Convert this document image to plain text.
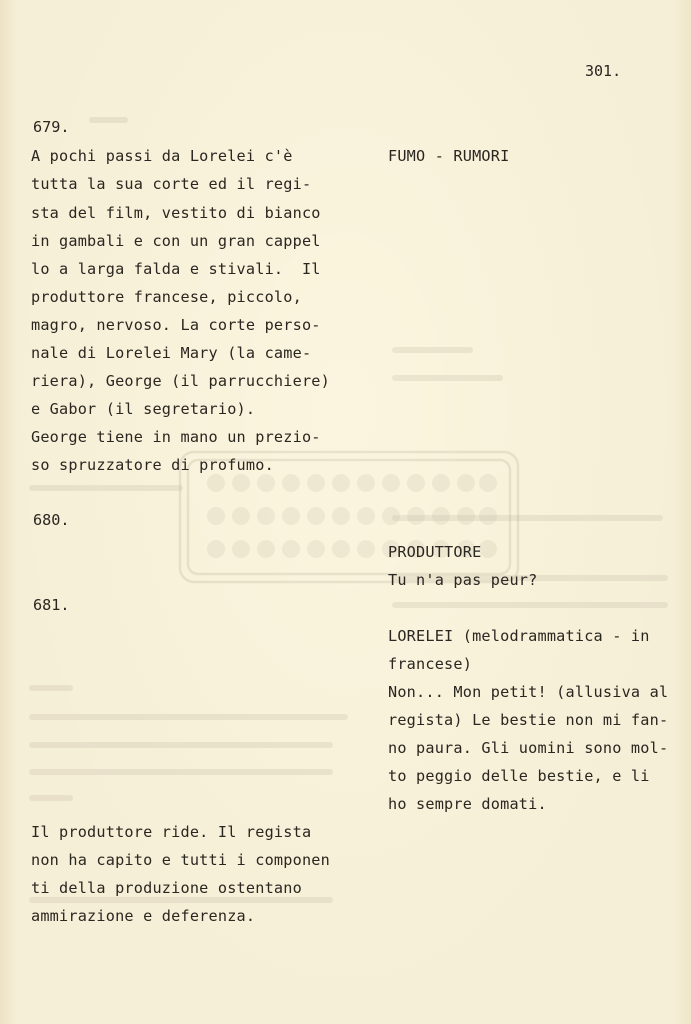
301.
679.
680.
681.
A pochi passi da Lorelei c'è
tutta la sua corte ed il regi-
sta del film, vestito di bianco
in gambali e con un gran cappel
lo a larga falda e stivali.  Il
produttore francese, piccolo,
magro, nervoso. La corte perso-
nale di Lorelei Mary (la came-
riera), George (il parrucchiere)
e Gabor (il segretario).
George tiene in mano un prezio-
so spruzzatore di profumo.
Il produttore ride. Il regista
non ha capito e tutti i componen
ti della produzione ostentano
ammirazione e deferenza.
FUMO - RUMORI
PRODUTTORE
Tu n'a pas peur?
LORELEI (melodrammatica - in
francese)
Non... Mon petit! (allusiva al
regista) Le bestie non mi fan-
no paura. Gli uomini sono mol-
to peggio delle bestie, e li
ho sempre domati.
